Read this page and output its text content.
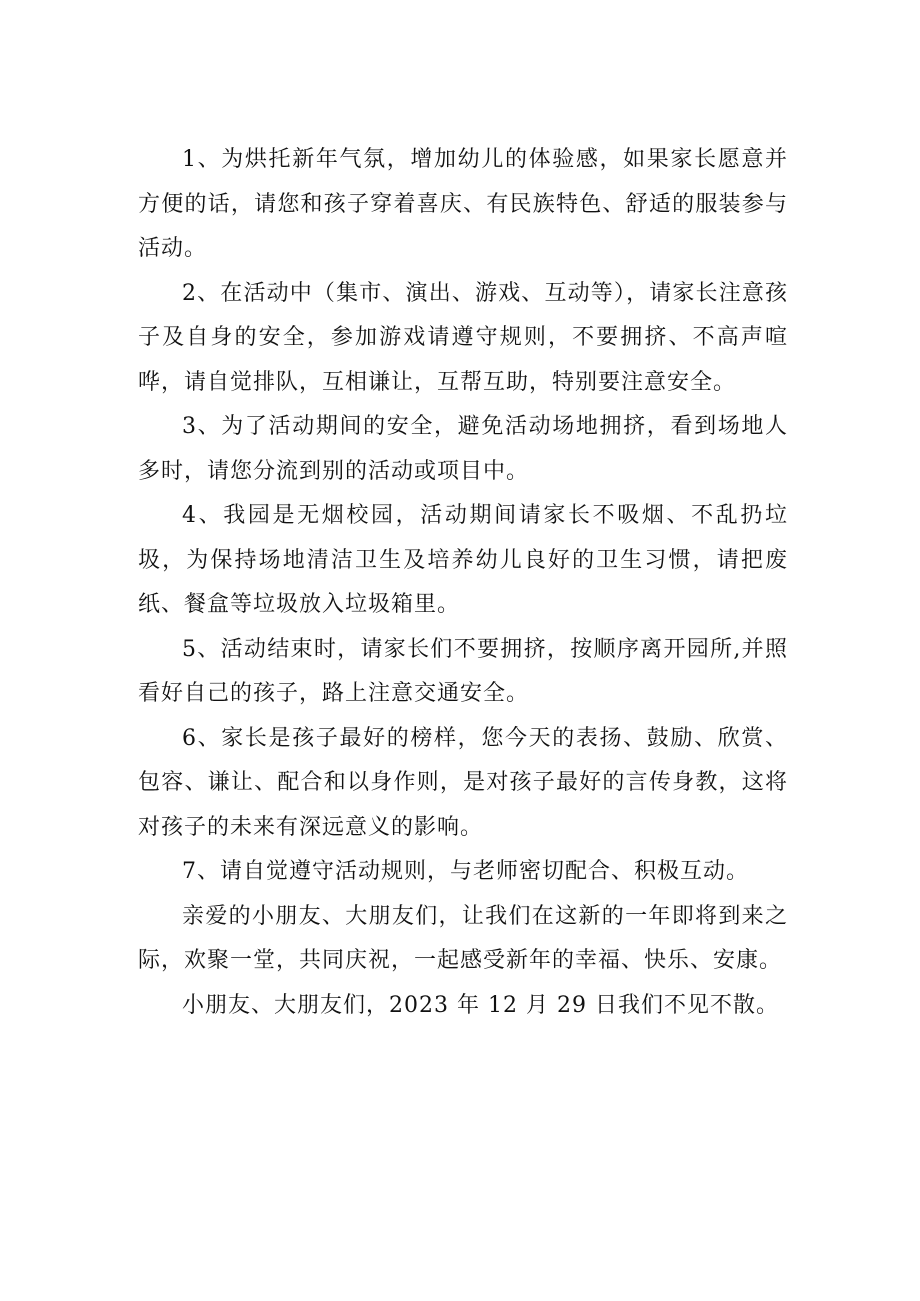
1、为烘托新年气氛，增加幼儿的体验感，如果家长愿意并方便的话，请您和孩子穿着喜庆、有民族特色、舒适的服装参与活动。

2、在活动中（集市、演出、游戏、互动等），请家长注意孩子及自身的安全，参加游戏请遵守规则，不要拥挤、不高声喧哗，请自觉排队，互相谦让，互帮互助，特别要注意安全。

3、为了活动期间的安全，避免活动场地拥挤，看到场地人多时，请您分流到别的活动或项目中。

4、我园是无烟校园，活动期间请家长不吸烟、不乱扔垃圾，为保持场地清洁卫生及培养幼儿良好的卫生习惯，请把废纸、餐盒等垃圾放入垃圾箱里。

5、活动结束时，请家长们不要拥挤，按顺序离开园所,并照看好自己的孩子，路上注意交通安全。

6、家长是孩子最好的榜样，您今天的表扬、鼓励、欣赏、包容、谦让、配合和以身作则，是对孩子最好的言传身教，这将对孩子的未来有深远意义的影响。

7、请自觉遵守活动规则，与老师密切配合、积极互动。

亲爱的小朋友、大朋友们，让我们在这新的一年即将到来之际，欢聚一堂，共同庆祝，一起感受新年的幸福、快乐、安康。

小朋友、大朋友们，2023 年 12 月 29 日我们不见不散。
